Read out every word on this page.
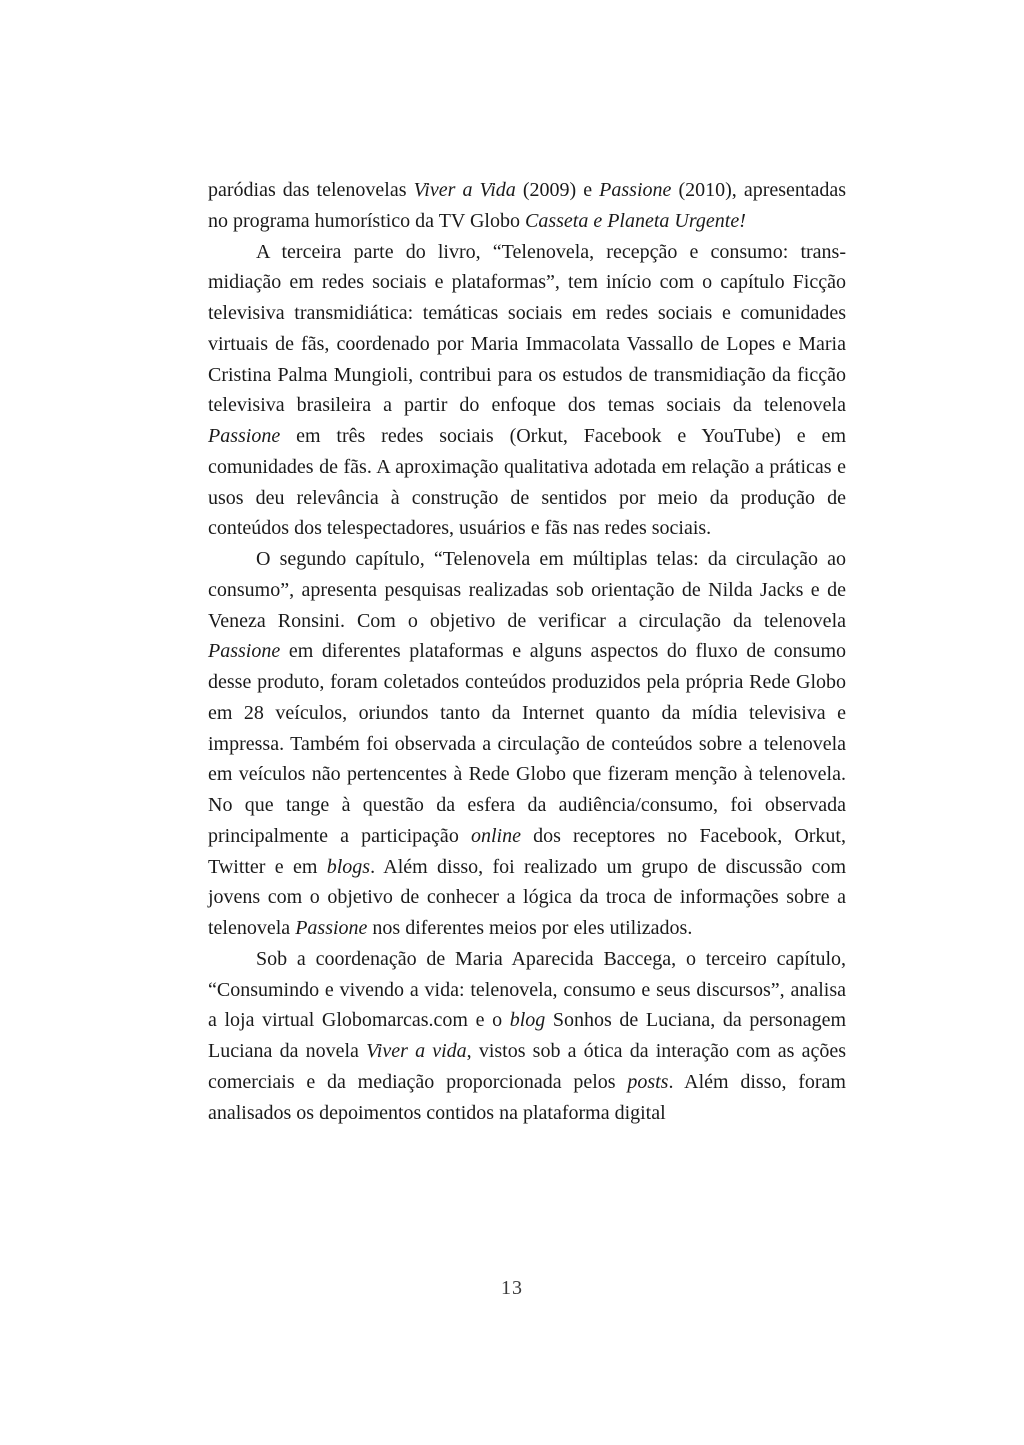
paródias das telenovelas Viver a Vida (2009) e Passione (2010), apresentadas no programa humorístico da TV Globo Casseta e Planeta Urgente!

A terceira parte do livro, “Telenovela, recepção e consumo: transmidiação em redes sociais e plataformas”, tem início com o capítulo Ficção televisiva transmidiática: temáticas sociais em redes sociais e comunidades virtuais de fãs, coordenado por Maria Immacolata Vassallo de Lopes e Maria Cristina Palma Mungioli, contribui para os estudos de transmidiação da ficção televisiva brasileira a partir do enfoque dos temas sociais da telenovela Passione em três redes sociais (Orkut, Facebook e YouTube) e em comunidades de fãs. A aproximação qualitativa adotada em relação a práticas e usos deu relevância à construção de sentidos por meio da produção de conteúdos dos telespectadores, usuários e fãs nas redes sociais.

O segundo capítulo, “Telenovela em múltiplas telas: da circulação ao consumo”, apresenta pesquisas realizadas sob orientação de Nilda Jacks e de Veneza Ronsini. Com o objetivo de verificar a circulação da telenovela Passione em diferentes plataformas e alguns aspectos do fluxo de consumo desse produto, foram coletados conteúdos produzidos pela própria Rede Globo em 28 veículos, oriundos tanto da Internet quanto da mídia televisiva e impressa. Também foi observada a circulação de conteúdos sobre a telenovela em veículos não pertencentes à Rede Globo que fizeram menção à telenovela. No que tange à questão da esfera da audiência/consumo, foi observada principalmente a participação online dos receptores no Facebook, Orkut, Twitter e em blogs. Além disso, foi realizado um grupo de discussão com jovens com o objetivo de conhecer a lógica da troca de informações sobre a telenovela Passione nos diferentes meios por eles utilizados.

Sob a coordenação de Maria Aparecida Baccega, o terceiro capítulo, “Consumindo e vivendo a vida: telenovela, consumo e seus discursos”, analisa a loja virtual Globomarcas.com e o blog Sonhos de Luciana, da personagem Luciana da novela Viver a vida, vistos sob a ótica da interação com as ações comerciais e da mediação proporcionada pelos posts. Além disso, foram analisados os depoimentos contidos na plataforma digital

13
